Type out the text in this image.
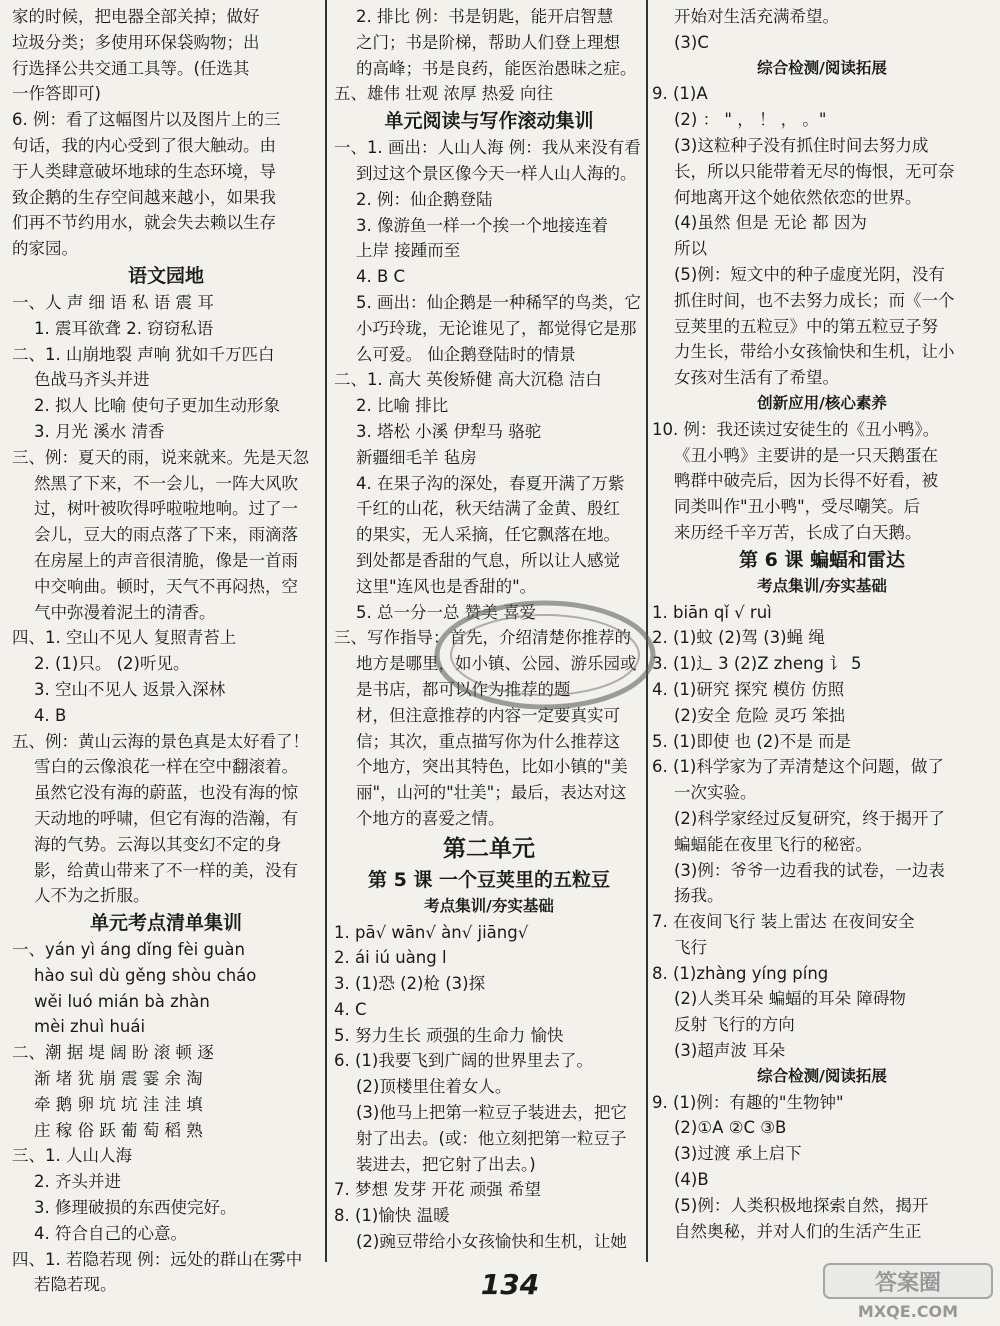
家的时候，把电器全部关掉；做好
垃圾分类；多使用环保袋购物；出
行选择公共交通工具等。(任选其
一作答即可)
6. 例：看了这幅图片以及图片上的三
句话，我的内心受到了很大触动。由
于人类肆意破坏地球的生态环境，导
致企鹅的生存空间越来越小，如果我
们再不节约用水，就会失去赖以生存
的家园。
语文园地
一、人 声 细 语 私 语 震 耳
1. 震耳欲聋 2. 窃窃私语
二、1. 山崩地裂 声响 犹如千万匹白
色战马齐头并进
2. 拟人 比喻 使句子更加生动形象
3. 月光 溪水 清香
三、例：夏天的雨，说来就来。先是天忽
然黑了下来，不一会儿，一阵大风吹
过，树叶被吹得呼啦啦地响。过了一
会儿，豆大的雨点落了下来，雨滴落
在房屋上的声音很清脆，像是一首雨
中交响曲。顿时，天气不再闷热，空
气中弥漫着泥土的清香。
四、1. 空山不见人 复照青苔上
2. (1)只。 (2)听见。
3. 空山不见人 返景入深林
4. B
五、例：黄山云海的景色真是太好看了！
雪白的云像浪花一样在空中翻滚着。
虽然它没有海的蔚蓝，也没有海的惊
天动地的呼啸，但它有海的浩瀚，有
海的气势。云海以其变幻不定的身
影，给黄山带来了不一样的美，没有
人不为之折服。
单元考点清单集训
一、yán yì áng dǐng fèi guàn
hào suì dù gěng shòu cháo
wěi luó mián bà zhàn
mèi zhuì huái
二、潮 据 堤 阔 盼 滚 顿 逐
渐 堵 犹 崩 震 霎 余 淘
牵 鹅 卵 坑 坑 洼 洼 填
庄 稼 俗 跃 葡 萄 稻 熟
三、1. 人山人海
2. 齐头并进
3. 修理破损的东西使完好。
4. 符合自己的心意。
四、1. 若隐若现 例：远处的群山在雾中
若隐若现。
2. 排比 例：书是钥匙，能开启智慧
之门；书是阶梯，帮助人们登上理想
的高峰；书是良药，能医治愚昧之症。
五、雄伟 壮观 浓厚 热爱 向往
单元阅读与写作滚动集训
一、1. 画出：人山人海 例：我从来没有看
到过这个景区像今天一样人山人海的。
2. 例：仙企鹅登陆
3. 像游鱼一样一个挨一个地接连着
上岸 接踵而至
4. B C
5. 画出：仙企鹅是一种稀罕的鸟类，它
小巧玲珑，无论谁见了，都觉得它是那
么可爱。 仙企鹅登陆时的情景
二、1. 高大 英俊矫健 高大沉稳 洁白
2. 比喻 排比
3. 塔松 小溪 伊犁马 骆驼
新疆细毛羊 毡房
4. 在果子沟的深处，春夏开满了万紫
千红的山花，秋天结满了金黄、殷红
的果实，无人采摘，任它飘落在地。
到处都是香甜的气息，所以让人感觉
这里"连风也是香甜的"。
5. 总一分一总 赞美 喜爱
三、写作指导：首先，介绍清楚你推荐的
地方是哪里，如小镇、公园、游乐园或
是书店，都可以作为推荐的题
材，但注意推荐的内容一定要真实可
信；其次，重点描写你为什么推荐这
个地方，突出其特色，比如小镇的"美
丽"，山河的"壮美"；最后，表达对这
个地方的喜爱之情。
第二单元
第 5 课 一个豆荚里的五粒豆
考点集训/夯实基础
1. pā√ wān√ àn√ jiāng√
2. ái iú uàng l
3. (1)恐 (2)枪 (3)探
4. C
5. 努力生长 顽强的生命力 愉快
6. (1)我要飞到广阔的世界里去了。
(2)顶楼里住着女人。
(3)他马上把第一粒豆子装进去，把它
射了出去。(或：他立刻把第一粒豆子
装进去，把它射了出去。)
7. 梦想 发芽 开花 顽强 希望
8. (1)愉快 温暖
(2)豌豆带给小女孩愉快和生机，让她
开始对生活充满希望。
(3)C
综合检测/阅读拓展
9. (1)A
(2) ： " ， ！ ， 。"
(3)这粒种子没有抓住时间去努力成
长，所以只能带着无尽的悔恨，无可奈
何地离开这个她依然依恋的世界。
(4)虽然 但是 无论 都 因为
所以
(5)例：短文中的种子虚度光阴，没有
抓住时间，也不去努力成长；而《一个
豆荚里的五粒豆》中的第五粒豆子努
力生长，带给小女孩愉快和生机，让小
女孩对生活有了希望。
创新应用/核心素养
10. 例：我还读过安徒生的《丑小鸭》。
《丑小鸭》主要讲的是一只天鹅蛋在
鸭群中破壳后，因为长得不好看，被
同类叫作"丑小鸭"，受尽嘲笑。后
来历经千辛万苦，长成了白天鹅。
第 6 课 蝙蝠和雷达
考点集训/夯实基础
1. biān qǐ √ ruì
2. (1)蚊 (2)驾 (3)蝇 绳
3. (1)辶 3 (2)Z zheng 讠 5
4. (1)研究 探究 模仿 仿照
(2)安全 危险 灵巧 笨拙
5. (1)即使 也 (2)不是 而是
6. (1)科学家为了弄清楚这个问题，做了
一次实验。
(2)科学家经过反复研究，终于揭开了
蝙蝠能在夜里飞行的秘密。
(3)例：爷爷一边看我的试卷，一边表
扬我。
7. 在夜间飞行 装上雷达 在夜间安全
飞行
8. (1)zhàng yíng píng
(2)人类耳朵 蝙蝠的耳朵 障碍物
反射 飞行的方向
(3)超声波 耳朵
综合检测/阅读拓展
9. (1)例：有趣的"生物钟"
(2)①A ②C ③B
(3)过渡 承上启下
(4)B
(5)例：人类积极地探索自然，揭开
自然奥秘，并对人们的生活产生正
134	答案圈
MXQE.COM
